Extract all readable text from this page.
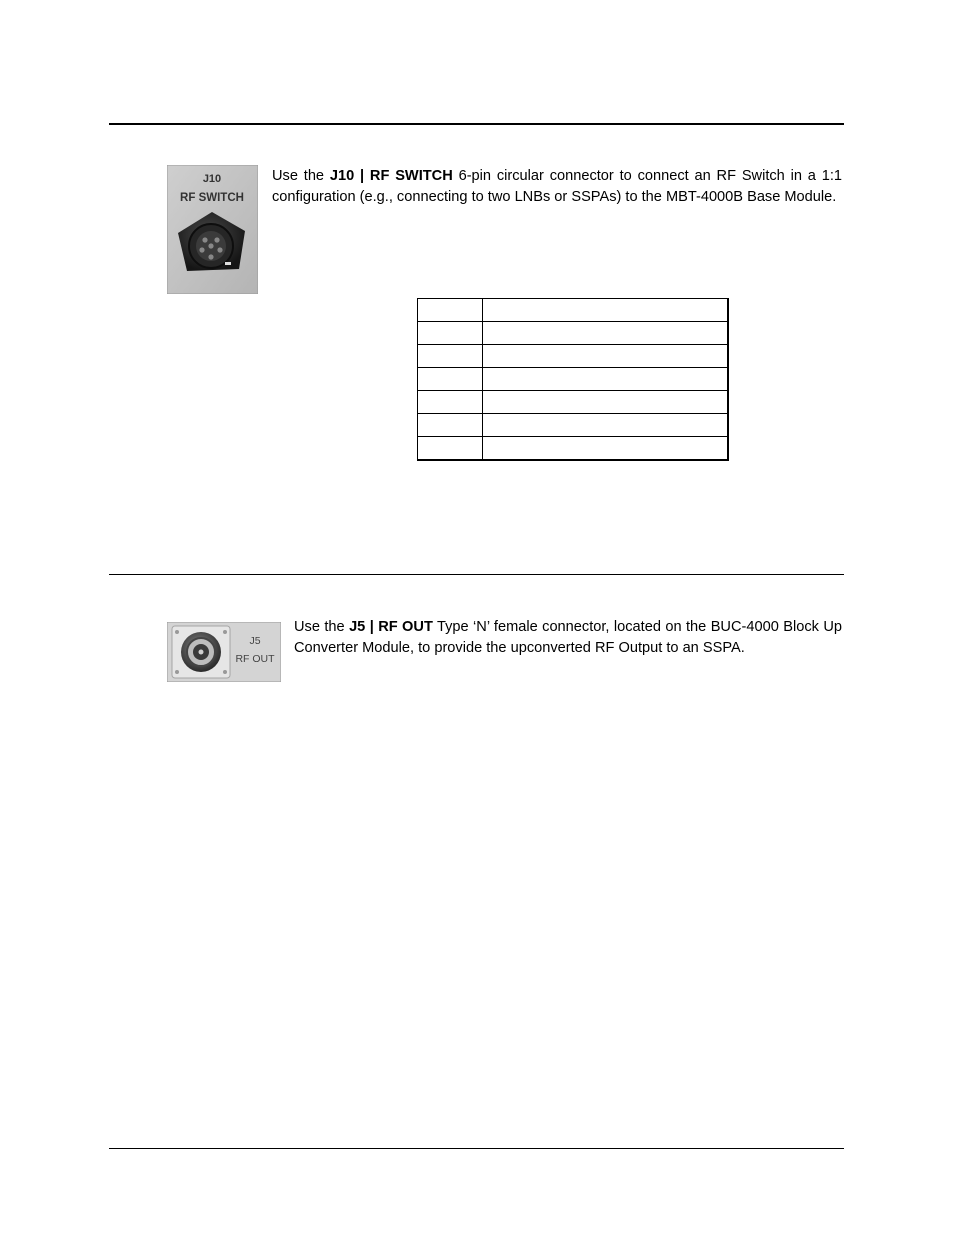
J10
RF SWITCH

Use the J10 | RF SWITCH 6-pin circular connector to connect an RF Switch in a 1:1 configuration (e.g., connecting to two LNBs or SSPAs) to the MBT-4000B Base Module.

J5
RF OUT

Use the J5 | RF OUT Type ‘N’ female connector, located on the BUC-4000 Block Up Converter Module, to provide the upconverted RF Output to an SSPA.
